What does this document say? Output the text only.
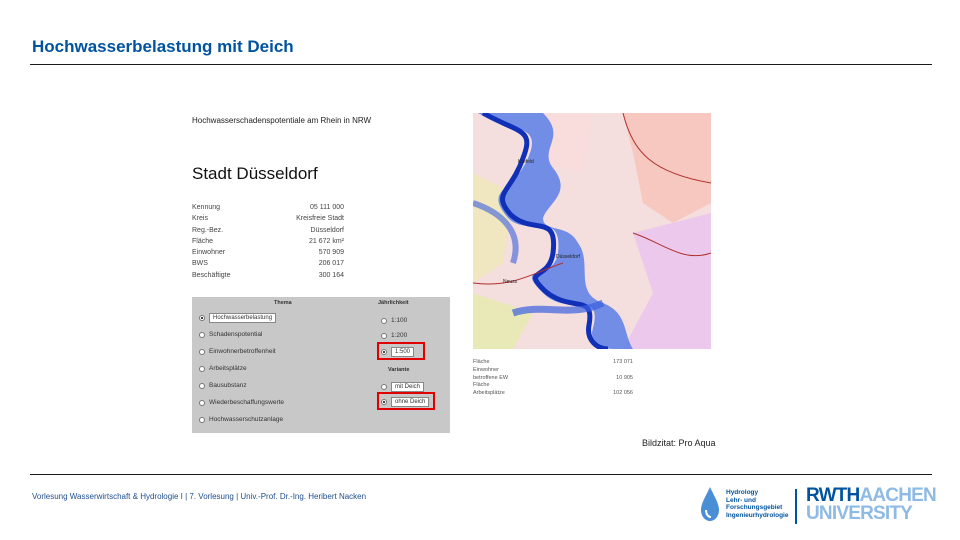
Hochwasserbelastung mit Deich
Hochwasserschadenspotentiale am Rhein in NRW
Stadt Düsseldorf
Kennung	05 111 000
Kreis	Kreisfreie Stadt
Reg.-Bez.	Düsseldorf
Fläche	21 672 km²
Einwohner	570 909
BWS	206 017
Beschäftigte	300 164
Thema	Jährlichkeit
Hochwasserbelastung
Schadenspotential
Einwohnerbetroffenheit
Arbeitsplätze
Bausubstanz
Wiederbeschaffungswerte
Hochwasserschutzanlage
1:100
1:200
1:500
Variante
mit Deich
ohne Deich
Krefeld
Düsseldorf
Neuss
Fläche	173 071
Einwohner
betroffene EW	10 905
Fläche
Arbeitsplätze	102 056
Bildzitat: Pro Aqua
Vorlesung Wasserwirtschaft & Hydrologie I | 7. Vorlesung | Univ.-Prof. Dr.-Ing. Heribert Nacken	Hydrology
Lehr- und
Forschungsgebiet
Ingenieurhydrologie
RWTHAACHEN
UNIVERSITY
